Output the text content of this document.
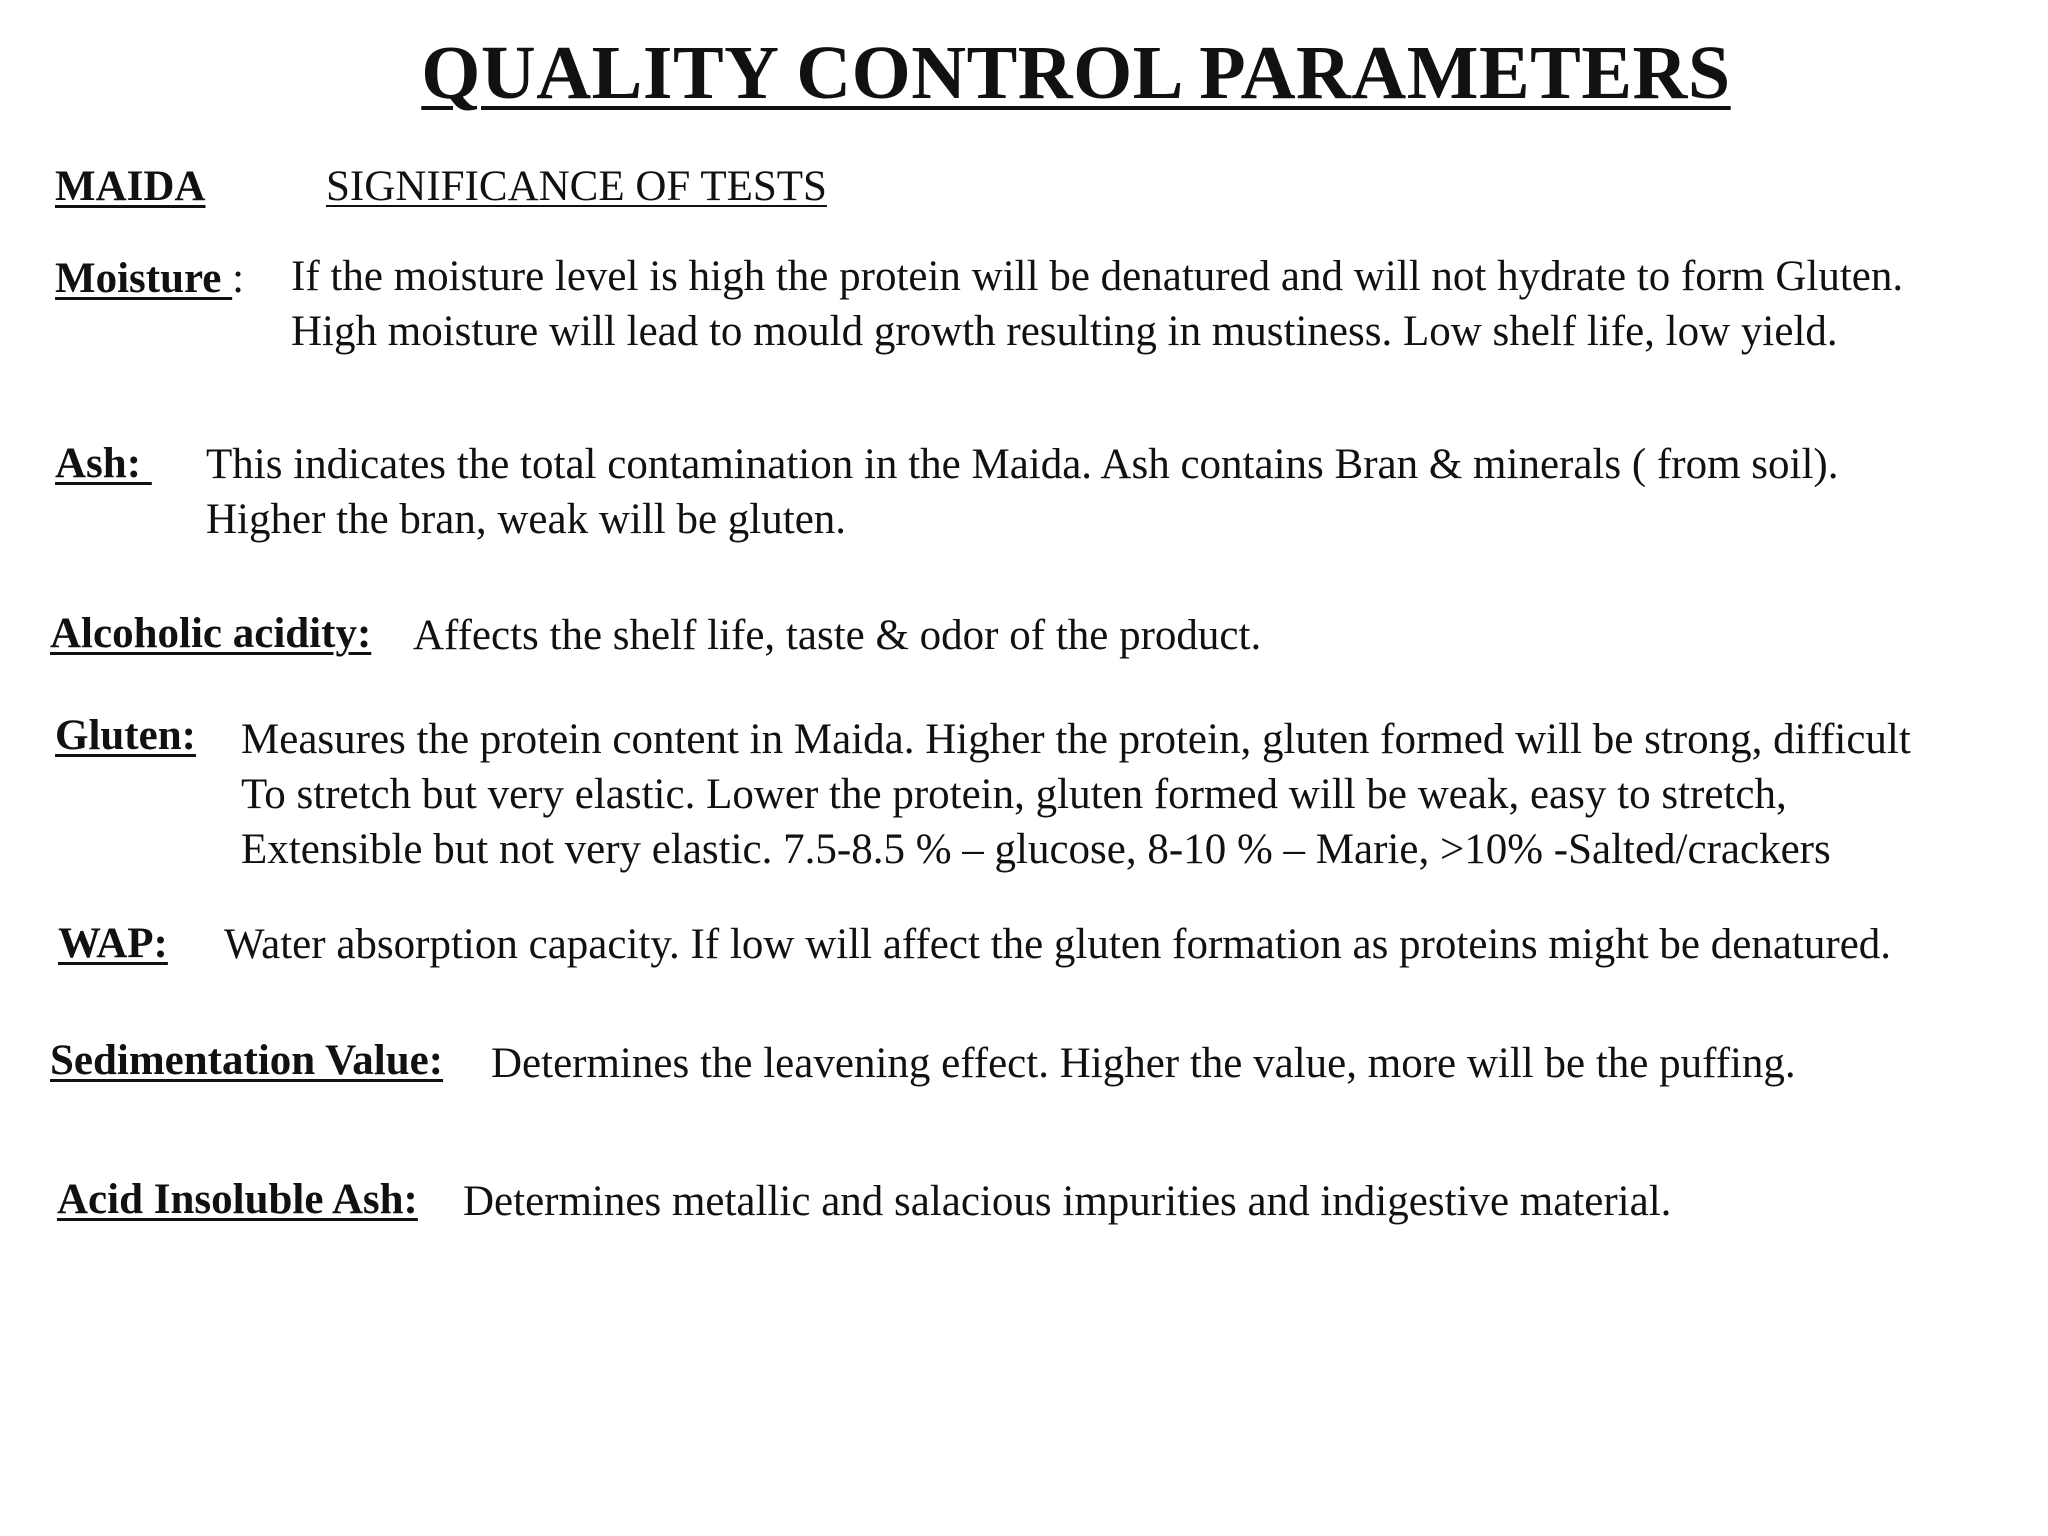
QUALITY CONTROL PARAMETERS
MAIDA	SIGNIFICANCE OF TESTS
Moisture : If the moisture level is high the protein will be denatured and will not hydrate to form Gluten.
High moisture will lead to mould growth resulting in mustiness. Low shelf life, low yield.
Ash: This indicates the total contamination in the Maida. Ash contains Bran & minerals ( from soil).
Higher the bran, weak will be gluten.
Alcoholic acidity: Affects the shelf life, taste & odor of the product.
Gluten: Measures the protein content in Maida. Higher the protein, gluten formed will be strong, difficult
To stretch but very elastic. Lower the protein, gluten formed will be weak, easy to stretch,
Extensible but not very elastic. 7.5-8.5 % – glucose, 8-10 % – Marie, >10% -Salted/crackers
WAP: Water absorption capacity. If low will affect the gluten formation as proteins might be denatured.
Sedimentation Value: Determines the leavening effect. Higher the value, more will be the puffing.
Acid Insoluble Ash: Determines metallic and salacious impurities and indigestive material.
